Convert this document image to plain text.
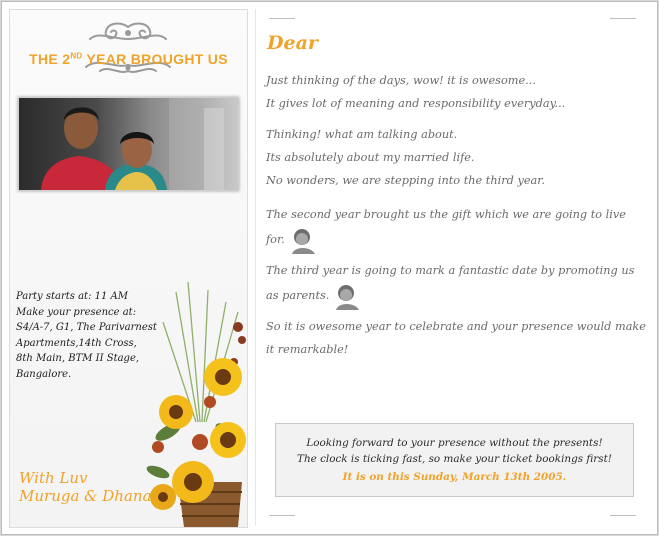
THE 2ND YEAR BROUGHT US
Party starts at: 11 AM
Make your presence at:
S4/A-7, G1, The Parivarnest
Apartments,14th Cross,
8th Main, BTM II Stage,
Bangalore.
With Luv
Muruga & Dhana
Dear
Just thinking of the days, wow! it is owesome...
It gives lot of meaning and responsibility everyday...
Thinking! what am talking about.
Its absolutely about my married life.
No wonders, we are stepping into the third year.
The second year brought us the gift which we are going to live
for.
The third year is going to mark a fantastic date by promoting us
as parents.
So it is owesome year to celebrate and your presence would make
it remarkable!
Looking forward to your presence without the presents!
The clock is ticking fast, so make your ticket bookings first!
It is on this Sunday, March 13th 2005.
